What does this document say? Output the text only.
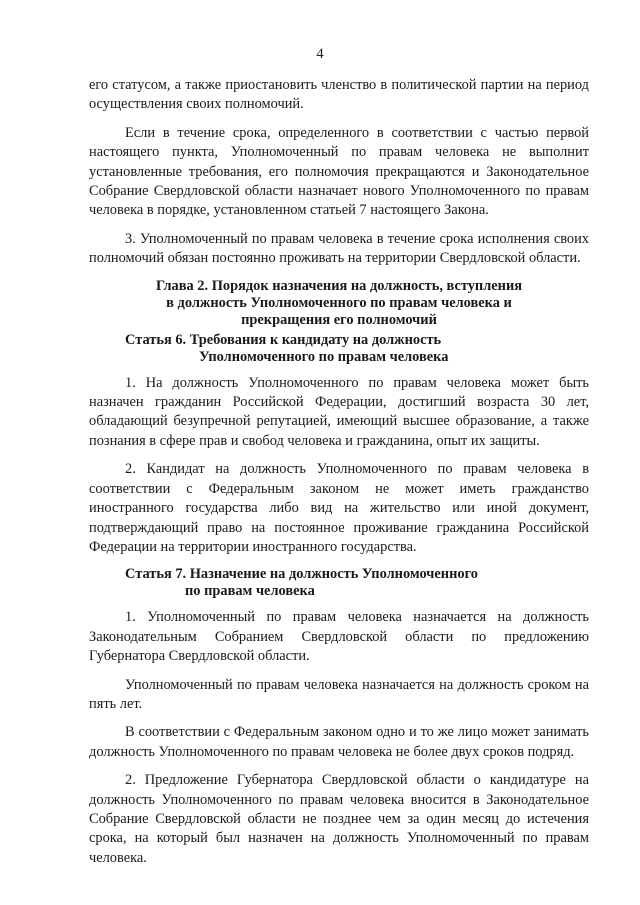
4

его статусом, а также приостановить членство в политической партии на период осуществления своих полномочий.

Если в течение срока, определенного в соответствии с частью первой настоящего пункта, Уполномоченный по правам человека не выполнит установленные требования, его полномочия прекращаются и Законодательное Собрание Свердловской области назначает нового Уполномоченного по правам человека в порядке, установленном статьей 7 настоящего Закона.

3. Уполномоченный по правам человека в течение срока исполнения своих полномочий обязан постоянно проживать на территории Свердловской области.

Глава 2. Порядок назначения на должность, вступления
в должность Уполномоченного по правам человека и
прекращения его полномочий
Статья 6. Требования к кандидату на должность
Уполномоченного по правам человека

1. На должность Уполномоченного по правам человека может быть назначен гражданин Российской Федерации, достигший возраста 30 лет, обладающий безупречной репутацией, имеющий высшее образование, а также познания в сфере прав и свобод человека и гражданина, опыт их защиты.

2. Кандидат на должность Уполномоченного по правам человека в соответствии с Федеральным законом не может иметь гражданство иностранного государства либо вид на жительство или иной документ, подтверждающий право на постоянное проживание гражданина Российской Федерации на территории иностранного государства.

Статья 7. Назначение на должность Уполномоченного
по правам человека

1. Уполномоченный по правам человека назначается на должность Законодательным Собранием Свердловской области по предложению Губернатора Свердловской области.

Уполномоченный по правам человека назначается на должность сроком на пять лет.

В соответствии с Федеральным законом одно и то же лицо может занимать должность Уполномоченного по правам человека не более двух сроков подряд.

2. Предложение Губернатора Свердловской области о кандидатуре на должность Уполномоченного по правам человека вносится в Законодательное Собрание Свердловской области не позднее чем за один месяц до истечения срока, на который был назначен на должность Уполномоченный по правам человека.
